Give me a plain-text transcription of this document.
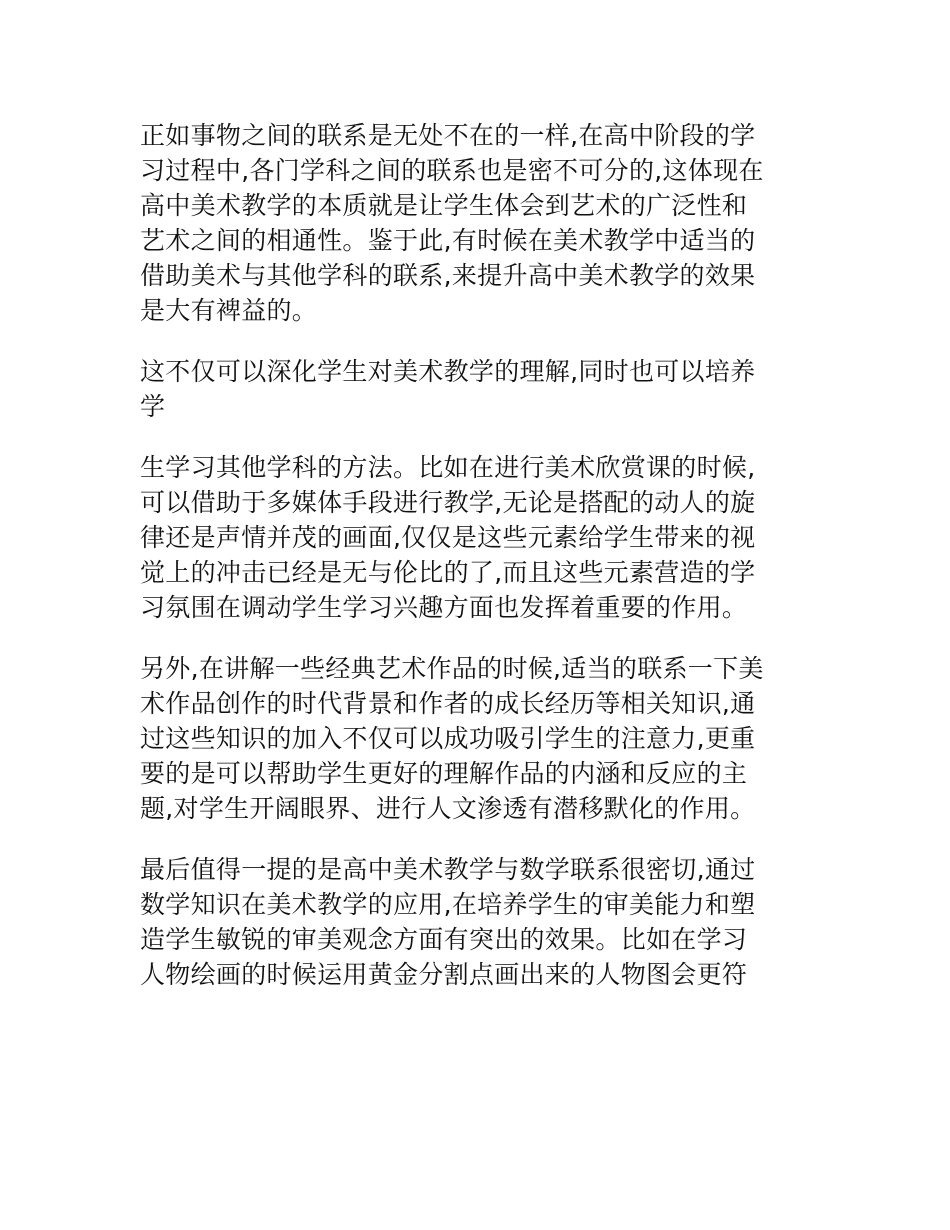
正如事物之间的联系是无处不在的一样,在高中阶段的学
习过程中,各门学科之间的联系也是密不可分的,这体现在
高中美术教学的本质就是让学生体会到艺术的广泛性和
艺术之间的相通性。鉴于此,有时候在美术教学中适当的
借助美术与其他学科的联系,来提升高中美术教学的效果
是大有裨益的。
这不仅可以深化学生对美术教学的理解,同时也可以培养
学
生学习其他学科的方法。比如在进行美术欣赏课的时候,
可以借助于多媒体手段进行教学,无论是搭配的动人的旋
律还是声情并茂的画面,仅仅是这些元素给学生带来的视
觉上的冲击已经是无与伦比的了,而且这些元素营造的学
习氛围在调动学生学习兴趣方面也发挥着重要的作用。
另外,在讲解一些经典艺术作品的时候,适当的联系一下美
术作品创作的时代背景和作者的成长经历等相关知识,通
过这些知识的加入不仅可以成功吸引学生的注意力,更重
要的是可以帮助学生更好的理解作品的内涵和反应的主
题,对学生开阔眼界、进行人文渗透有潜移默化的作用。
最后值得一提的是高中美术教学与数学联系很密切,通过
数学知识在美术教学的应用,在培养学生的审美能力和塑
造学生敏锐的审美观念方面有突出的效果。比如在学习
人物绘画的时候运用黄金分割点画出来的人物图会更符
